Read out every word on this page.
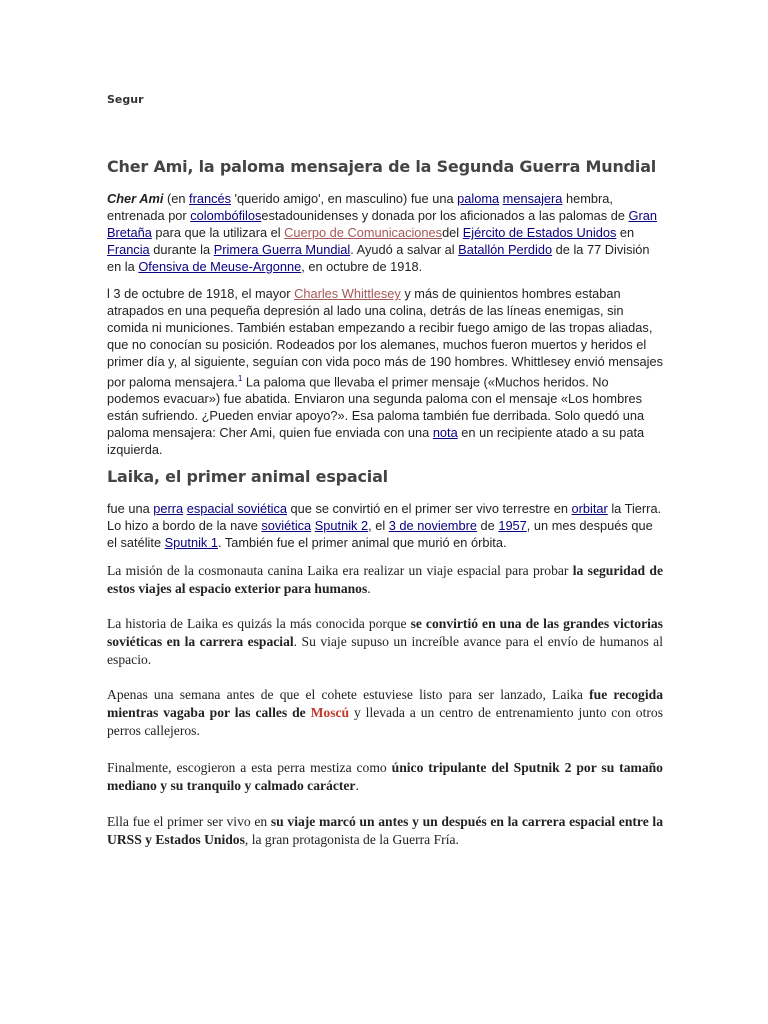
Segur
Cher Ami, la paloma mensajera de la Segunda Guerra Mundial

Cher Ami (en francés 'querido amigo', en masculino) fue una paloma mensajera hembra, entrenada por colombófilosestadounidenses y donada por los aficionados a las palomas de Gran Bretaña para que la utilizara el Cuerpo de Comunicacionesdel Ejército de Estados Unidos en Francia durante la Primera Guerra Mundial. Ayudó a salvar al Batallón Perdido de la 77 División en la Ofensiva de Meuse-Argonne, en octubre de 1918.

l 3 de octubre de 1918, el mayor Charles Whittlesey y más de quinientos hombres estaban atrapados en una pequeña depresión al lado una colina, detrás de las líneas enemigas, sin comida ni municiones. También estaban empezando a recibir fuego amigo de las tropas aliadas, que no conocían su posición. Rodeados por los alemanes, muchos fueron muertos y heridos el primer día y, al siguiente, seguían con vida poco más de 190 hombres. Whittlesey envió mensajes por paloma mensajera.$^1$ La paloma que llevaba el primer mensaje («Muchos heridos. No podemos evacuar») fue abatida. Enviaron una segunda paloma con el mensaje «Los hombres están sufriendo. ¿Pueden enviar apoyo?». Esa paloma también fue derribada. Solo quedó una paloma mensajera: Cher Ami, quien fue enviada con una nota en un recipiente atado a su pata izquierda.

Laika, el primer animal espacial

fue una perra espacial soviética que se convirtió en el primer ser vivo terrestre en orbitar la Tierra. Lo hizo a bordo de la nave soviética Sputnik 2, el 3 de noviembre de 1957, un mes después que el satélite Sputnik 1. También fue el primer animal que murió en órbita.

La misión de la cosmonauta canina Laika era realizar un viaje espacial para probar la seguridad de estos viajes al espacio exterior para humanos.

La historia de Laika es quizás la más conocida porque se convirtió en una de las grandes victorias soviéticas en la carrera espacial. Su viaje supuso un increíble avance para el envío de humanos al espacio.

Apenas una semana antes de que el cohete estuviese listo para ser lanzado, Laika fue recogida mientras vagaba por las calles de Moscú y llevada a un centro de entrenamiento junto con otros perros callejeros.

Finalmente, escogieron a esta perra mestiza como único tripulante del Sputnik 2 por su tamaño mediano y su tranquilo y calmado carácter.

Ella fue el primer ser vivo en su viaje marcó un antes y un después en la carrera espacial entre la URSS y Estados Unidos, la gran protagonista de la Guerra Fría.
